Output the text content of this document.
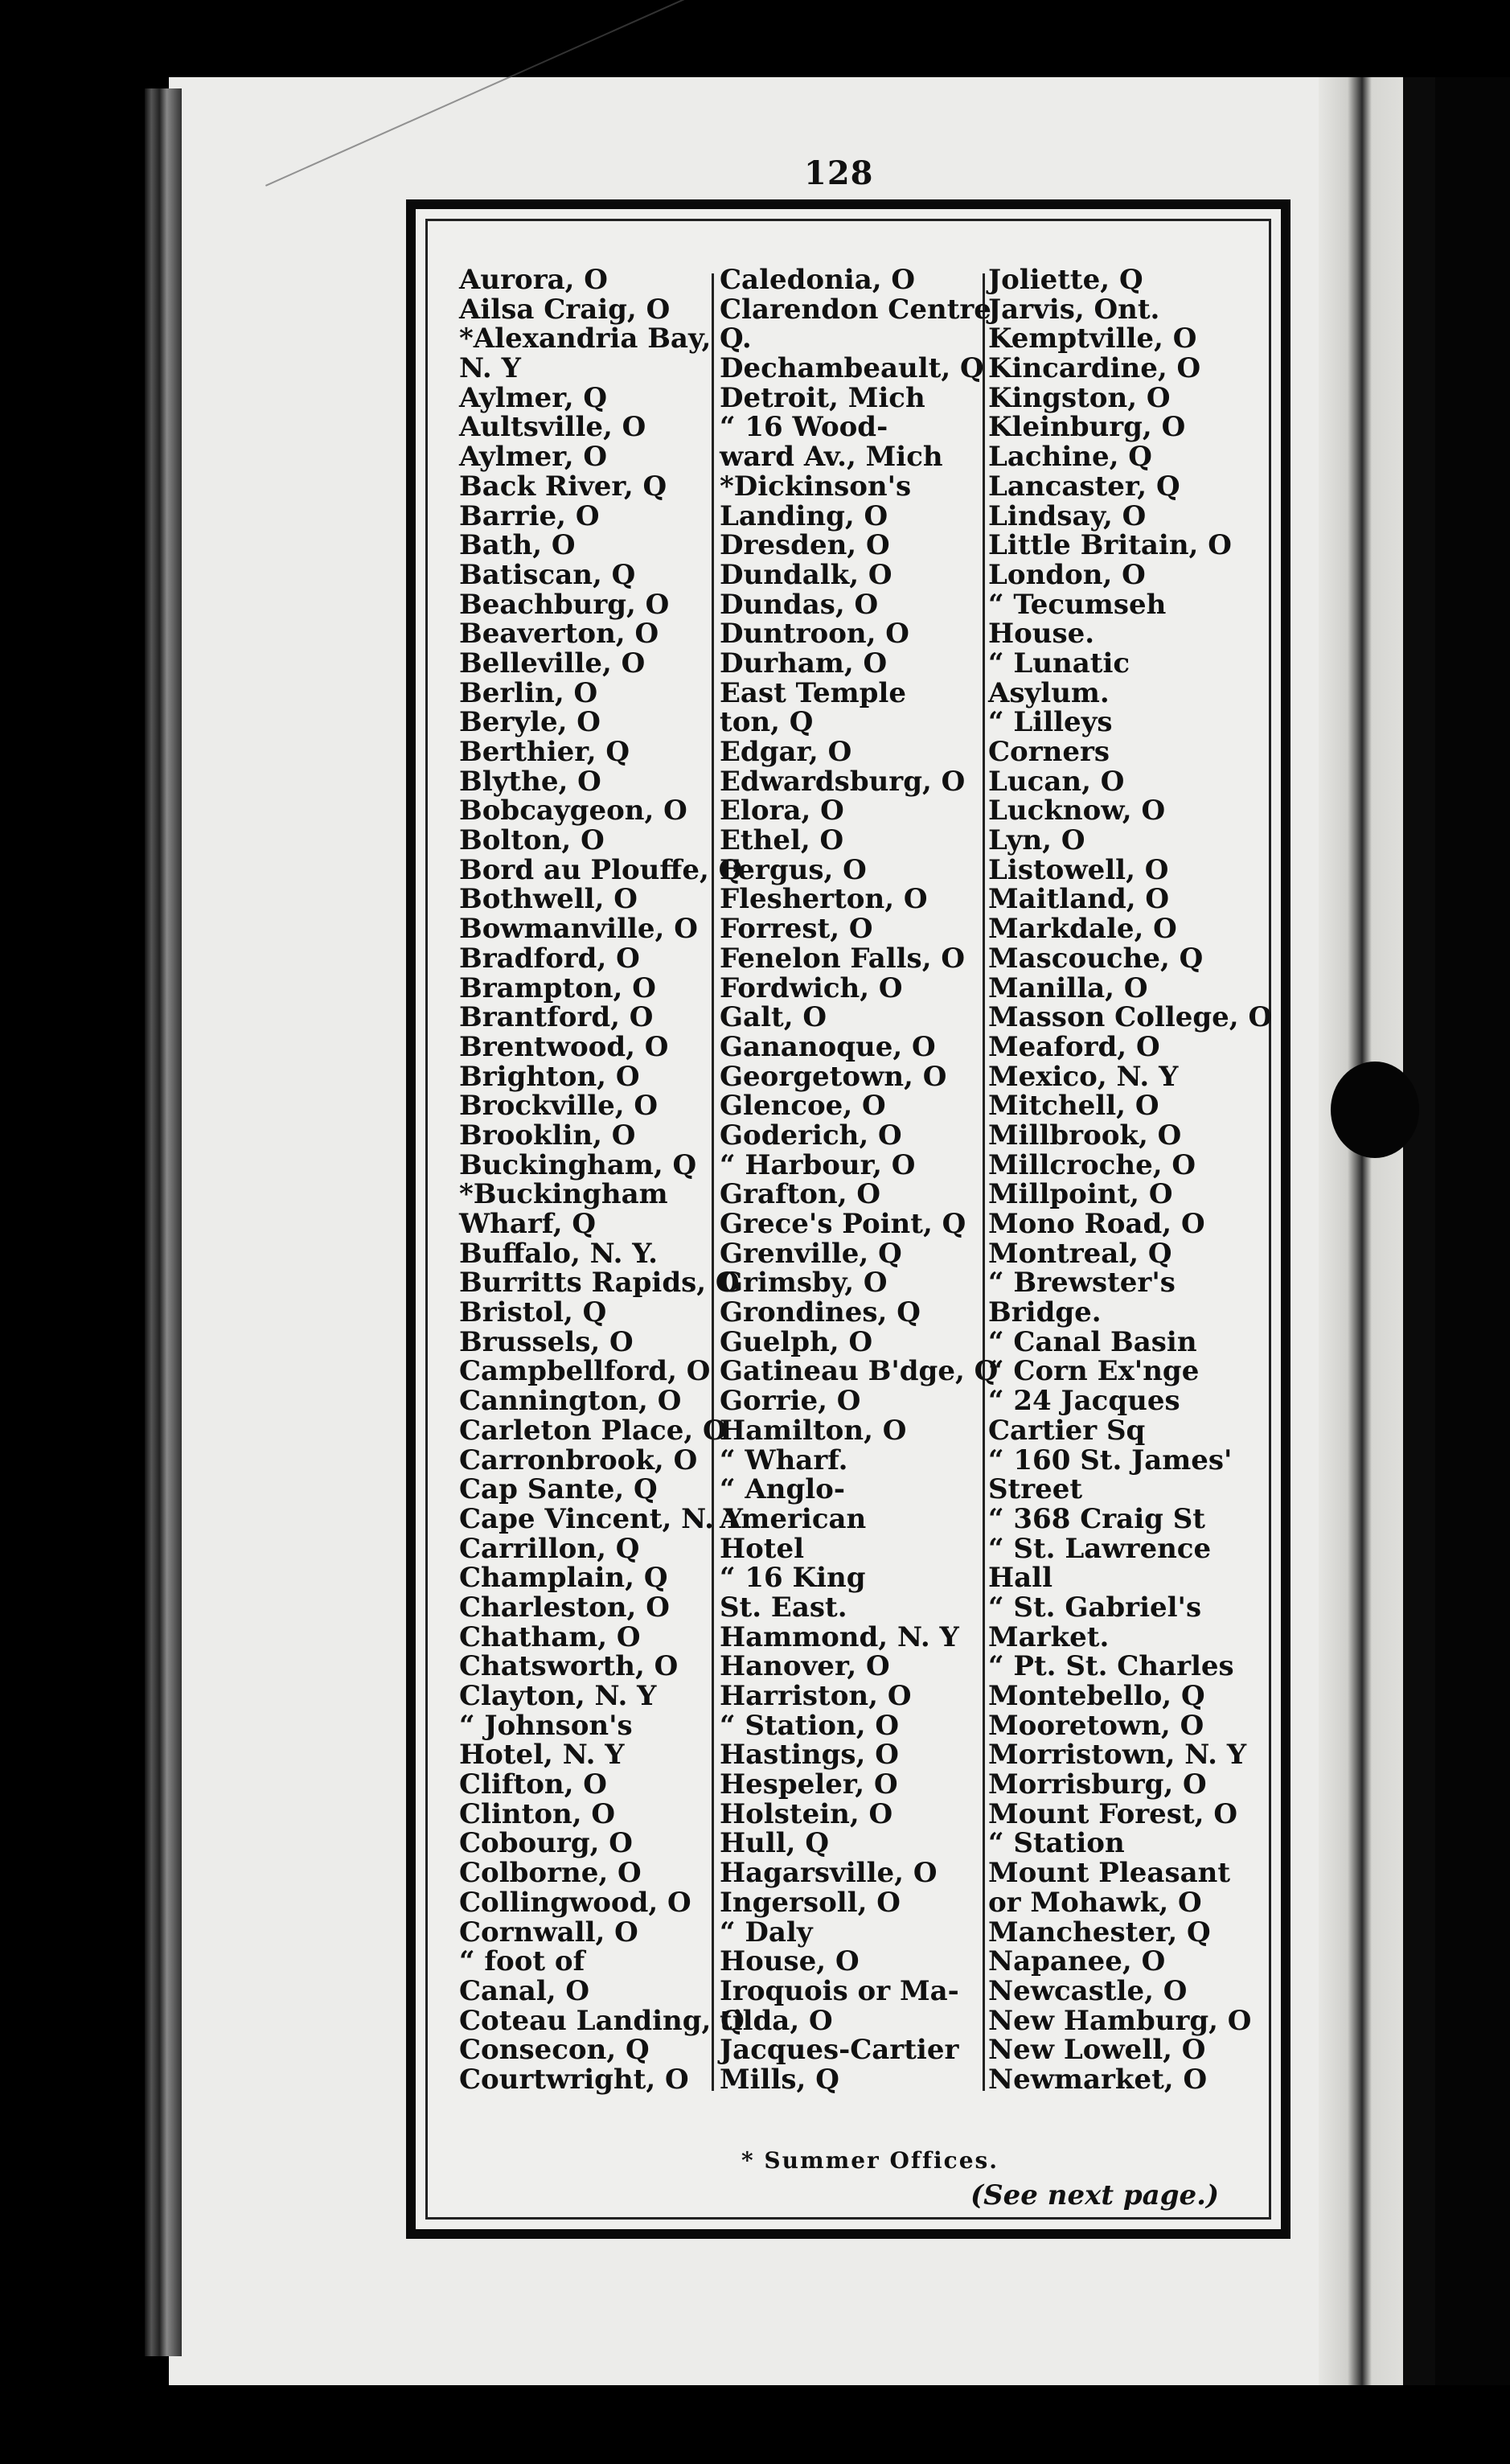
128
Aurora, O
Ailsa Craig, O
*Alexandria Bay,
N. Y
Aylmer, Q
Aultsville, O
Aylmer, O
Back River, Q
Barrie, O
Bath, O
Batiscan, Q
Beachburg, O
Beaverton, O
Belleville, O
Berlin, O
Beryle, O
Berthier, Q
Blythe, O
Bobcaygeon, O
Bolton, O
Bord au Plouffe, Q
Bothwell, O
Bowmanville, O
Bradford, O
Brampton, O
Brantford, O
Brentwood, O
Brighton, O
Brockville, O
Brooklin, O
Buckingham, Q
*Buckingham
Wharf, Q
Buffalo, N. Y.
Burritts Rapids, O
Bristol, Q
Brussels, O
Campbellford, O
Cannington, O
Carleton Place, O
Carronbrook, O
Cap Sante, Q
Cape Vincent, N. Y
Carrillon, Q
Champlain, Q
Charleston, O
Chatham, O
Chatsworth, O
Clayton, N. Y
“ Johnson's
Hotel, N. Y
Clifton, O
Clinton, O
Cobourg, O
Colborne, O
Collingwood, O
Cornwall, O
“ foot of
Canal, O
Coteau Landing, Q
Consecon, Q
Courtwright, O
Caledonia, O
Clarendon Centre
Q.
Dechambeault, Q
Detroit, Mich
“ 16 Wood-
ward Av., Mich
*Dickinson's
Landing, O
Dresden, O
Dundalk, O
Dundas, O
Duntroon, O
Durham, O
East Temple
ton, Q
Edgar, O
Edwardsburg, O
Elora, O
Ethel, O
Fergus, O
Flesherton, O
Forrest, O
Fenelon Falls, O
Fordwich, O
Galt, O
Gananoque, O
Georgetown, O
Glencoe, O
Goderich, O
“ Harbour, O
Grafton, O
Grece's Point, Q
Grenville, Q
Grimsby, O
Grondines, Q
Guelph, O
Gatineau B'dge, Q
Gorrie, O
Hamilton, O
“ Wharf.
“ Anglo-
American
Hotel
“ 16 King
St. East.
Hammond, N. Y
Hanover, O
Harriston, O
“ Station, O
Hastings, O
Hespeler, O
Holstein, O
Hull, Q
Hagarsville, O
Ingersoll, O
“ Daly
House, O
Iroquois or Ma-
tilda, O
Jacques-Cartier
Mills, Q
Joliette, Q
Jarvis, Ont.
Kemptville, O
Kincardine, O
Kingston, O
Kleinburg, O
Lachine, Q
Lancaster, Q
Lindsay, O
Little Britain, O
London, O
“ Tecumseh
House.
“ Lunatic
Asylum.
“ Lilleys
Corners
Lucan, O
Lucknow, O
Lyn, O
Listowell, O
Maitland, O
Markdale, O
Mascouche, Q
Manilla, O
Masson College, O
Meaford, O
Mexico, N. Y
Mitchell, O
Millbrook, O
Millcroche, O
Millpoint, O
Mono Road, O
Montreal, Q
“ Brewster's
Bridge.
“ Canal Basin
“ Corn Ex'nge
“ 24 Jacques
Cartier Sq
“ 160 St. James'
Street
“ 368 Craig St
“ St. Lawrence
Hall
“ St. Gabriel's
Market.
“ Pt. St. Charles
Montebello, Q
Mooretown, O
Morristown, N. Y
Morrisburg, O
Mount Forest, O
“ Station
Mount Pleasant
or Mohawk, O
Manchester, Q
Napanee, O
Newcastle, O
New Hamburg, O
New Lowell, O
Newmarket, O
* Summer Offices.
(See next page.)
